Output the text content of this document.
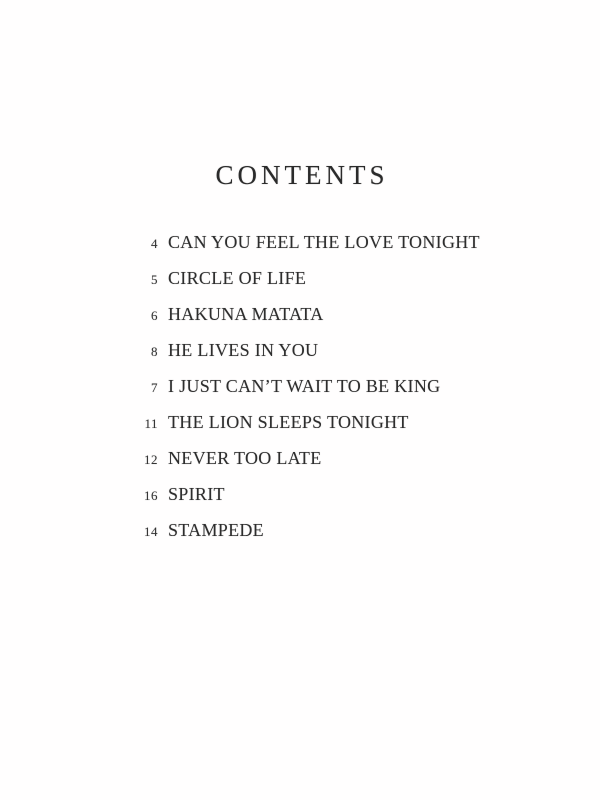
CONTENTS
4 CAN YOU FEEL THE LOVE TONIGHT
5 CIRCLE OF LIFE
6 HAKUNA MATATA
8 HE LIVES IN YOU
7 I JUST CAN’T WAIT TO BE KING
11 THE LION SLEEPS TONIGHT
12 NEVER TOO LATE
16 SPIRIT
14 STAMPEDE
